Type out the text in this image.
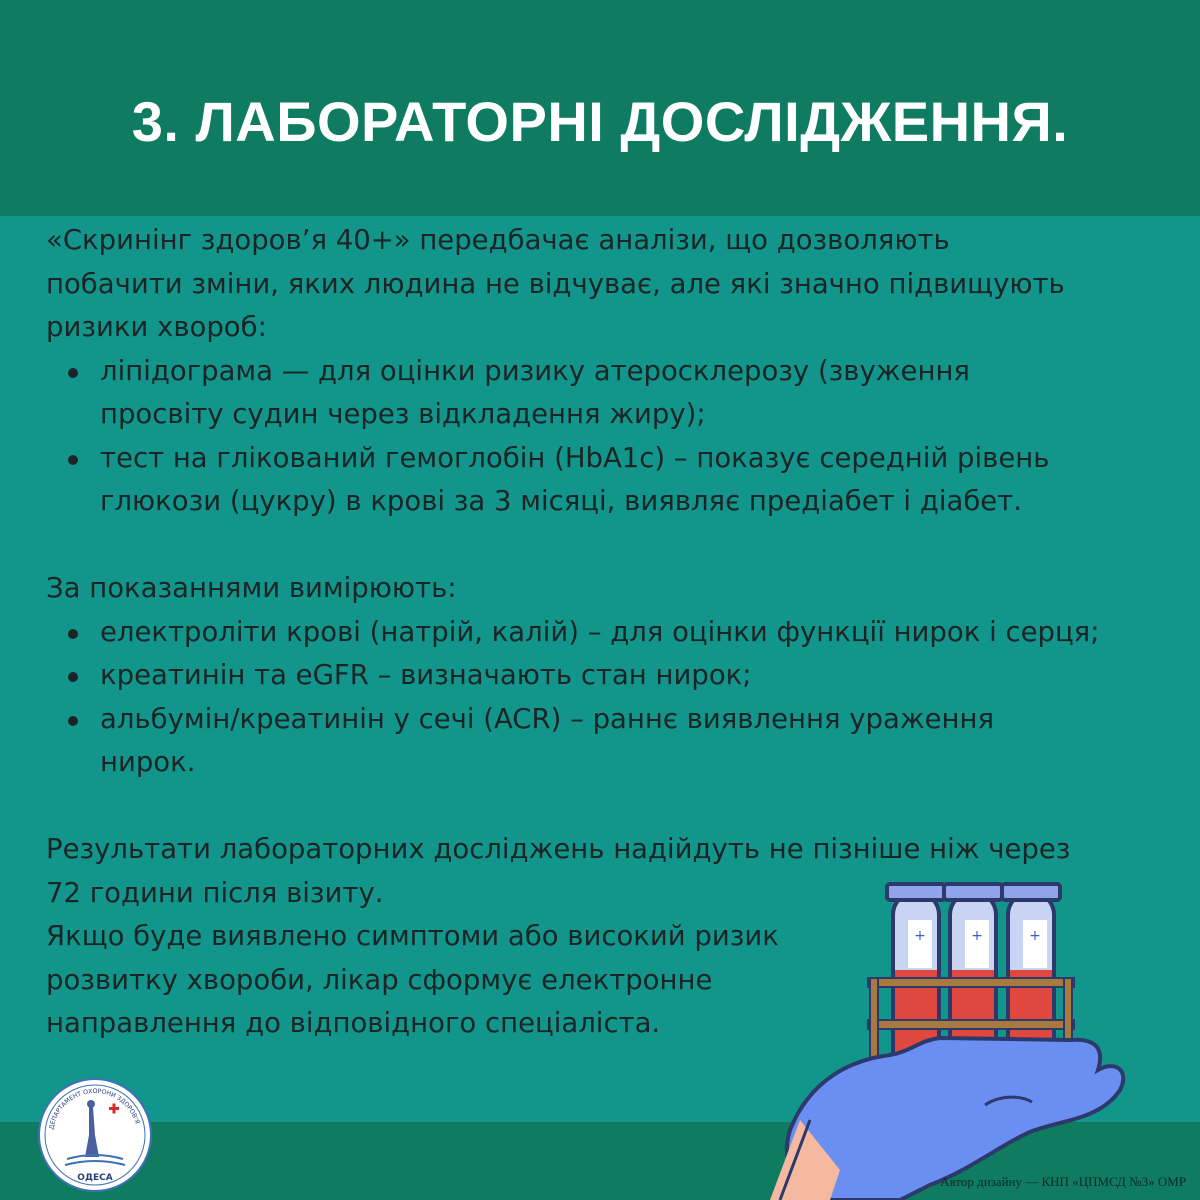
3. ЛАБОРАТОРНІ ДОСЛІДЖЕННЯ.

«Скринінг здоров’я 40+» передбачає аналізи, що дозволяють

побачити зміни, яких людина не відчуває, але які значно підвищують

ризики хвороб:

ліпідограма — для оцінки ризику атеросклерозу (звуження
просвіту судин через відкладення жиру);
тест на глікований гемоглобін (HbA1c) – показує середній рівень
глюкози (цукру) в крові за 3 місяці, виявляє предіабет і діабет.

За показаннями вимірюють:

електроліти крові (натрій, калій) – для оцінки функції нирок і серця;
креатинін та eGFR – визначають стан нирок;
альбумін/креатинін у сечі (ACR) – раннє виявлення ураження
нирок.

Результати лабораторних досліджень надійдуть не пізніше ніж через

72 години після візиту.

Якщо буде виявлено симптоми або високий ризик

розвитку хвороби, лікар сформує електронне

направлення до відповідного спеціаліста.

+	+	+
ДЕПАРТАМЕНТ ОХОРОНИ ЗДОРОВ'Я
ОДЕСА	Автор дизайну — КНП «ЦПМСД №3» ОМР
